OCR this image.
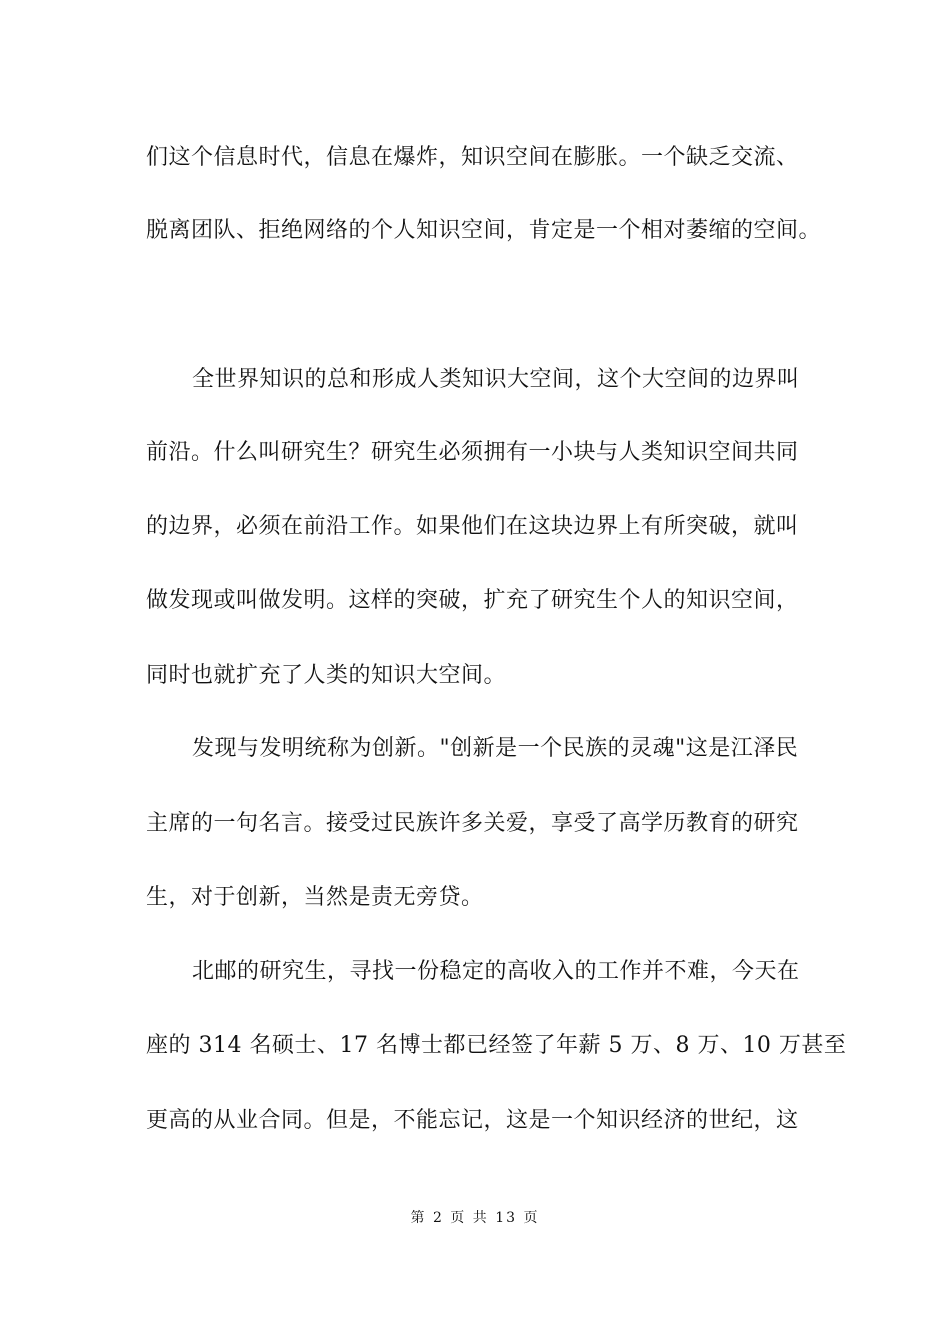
们这个信息时代，信息在爆炸，知识空间在膨胀。一个缺乏交流、
脱离团队、拒绝网络的个人知识空间，肯定是一个相对萎缩的空间。
全世界知识的总和形成人类知识大空间，这个大空间的边界叫
前沿。什么叫研究生？研究生必须拥有一小块与人类知识空间共同
的边界，必须在前沿工作。如果他们在这块边界上有所突破，就叫
做发现或叫做发明。这样的突破，扩充了研究生个人的知识空间，
同时也就扩充了人类的知识大空间。
发现与发明统称为创新。"创新是一个民族的灵魂"这是江泽民
主席的一句名言。接受过民族许多关爱，享受了高学历教育的研究
生，对于创新，当然是责无旁贷。
北邮的研究生，寻找一份稳定的高收入的工作并不难，今天在
座的 314 名硕士、17 名博士都已经签了年薪 5 万、8 万、10 万甚至
更高的从业合同。但是，不能忘记，这是一个知识经济的世纪，这
第 2 页 共 13 页
